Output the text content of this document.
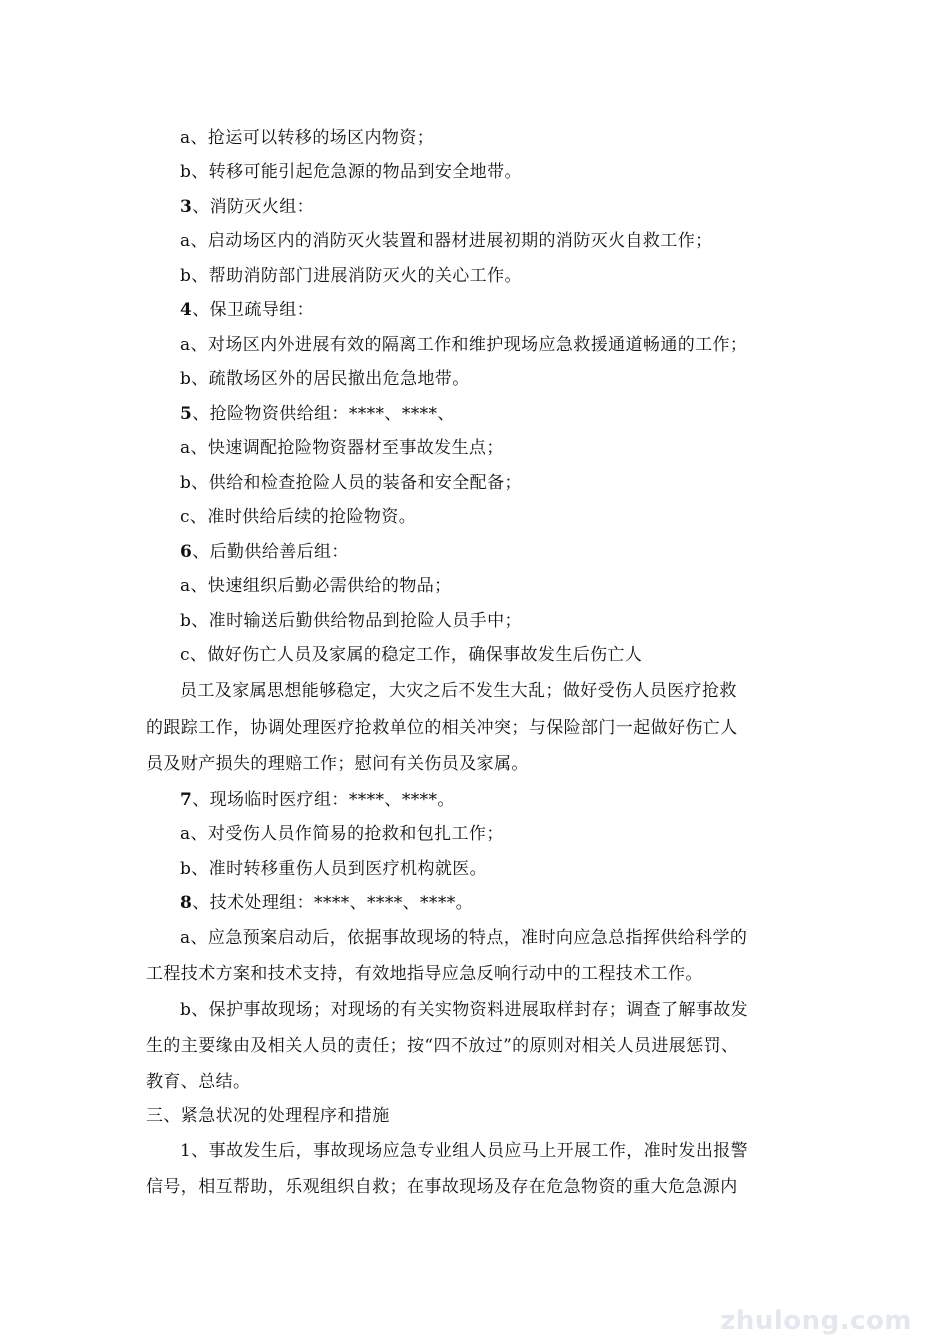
a、抢运可以转移的场区内物资；
b、转移可能引起危急源的物品到安全地带。
3、消防灭火组：
a、启动场区内的消防灭火装置和器材进展初期的消防灭火自救工作；
b、帮助消防部门进展消防灭火的关心工作。
4、保卫疏导组：
a、对场区内外进展有效的隔离工作和维护现场应急救援通道畅通的工作；
b、疏散场区外的居民撤出危急地带。
5、抢险物资供给组：****、****、
a、快速调配抢险物资器材至事故发生点；
b、供给和检查抢险人员的装备和安全配备；
c、准时供给后续的抢险物资。
6、后勤供给善后组：
a、快速组织后勤必需供给的物品；
b、准时输送后勤供给物品到抢险人员手中；
c、做好伤亡人员及家属的稳定工作，确保事故发生后伤亡人
员工及家属思想能够稳定，大灾之后不发生大乱；做好受伤人员医疗抢救
的跟踪工作，协调处理医疗抢救单位的相关冲突；与保险部门一起做好伤亡人
员及财产损失的理赔工作；慰问有关伤员及家属。
7、现场临时医疗组：****、****。
a、对受伤人员作简易的抢救和包扎工作；
b、准时转移重伤人员到医疗机构就医。
8、技术处理组：****、****、****。
a、应急预案启动后，依据事故现场的特点，准时向应急总指挥供给科学的
工程技术方案和技术支持，有效地指导应急反响行动中的工程技术工作。
b、保护事故现场；对现场的有关实物资料进展取样封存；调查了解事故发
生的主要缘由及相关人员的责任；按“四不放过”的原则对相关人员进展惩罚、
教育、总结。
三、紧急状况的处理程序和措施
1、事故发生后，事故现场应急专业组人员应马上开展工作，准时发出报警
信号，相互帮助，乐观组织自救；在事故现场及存在危急物资的重大危急源内
zhulong.com
